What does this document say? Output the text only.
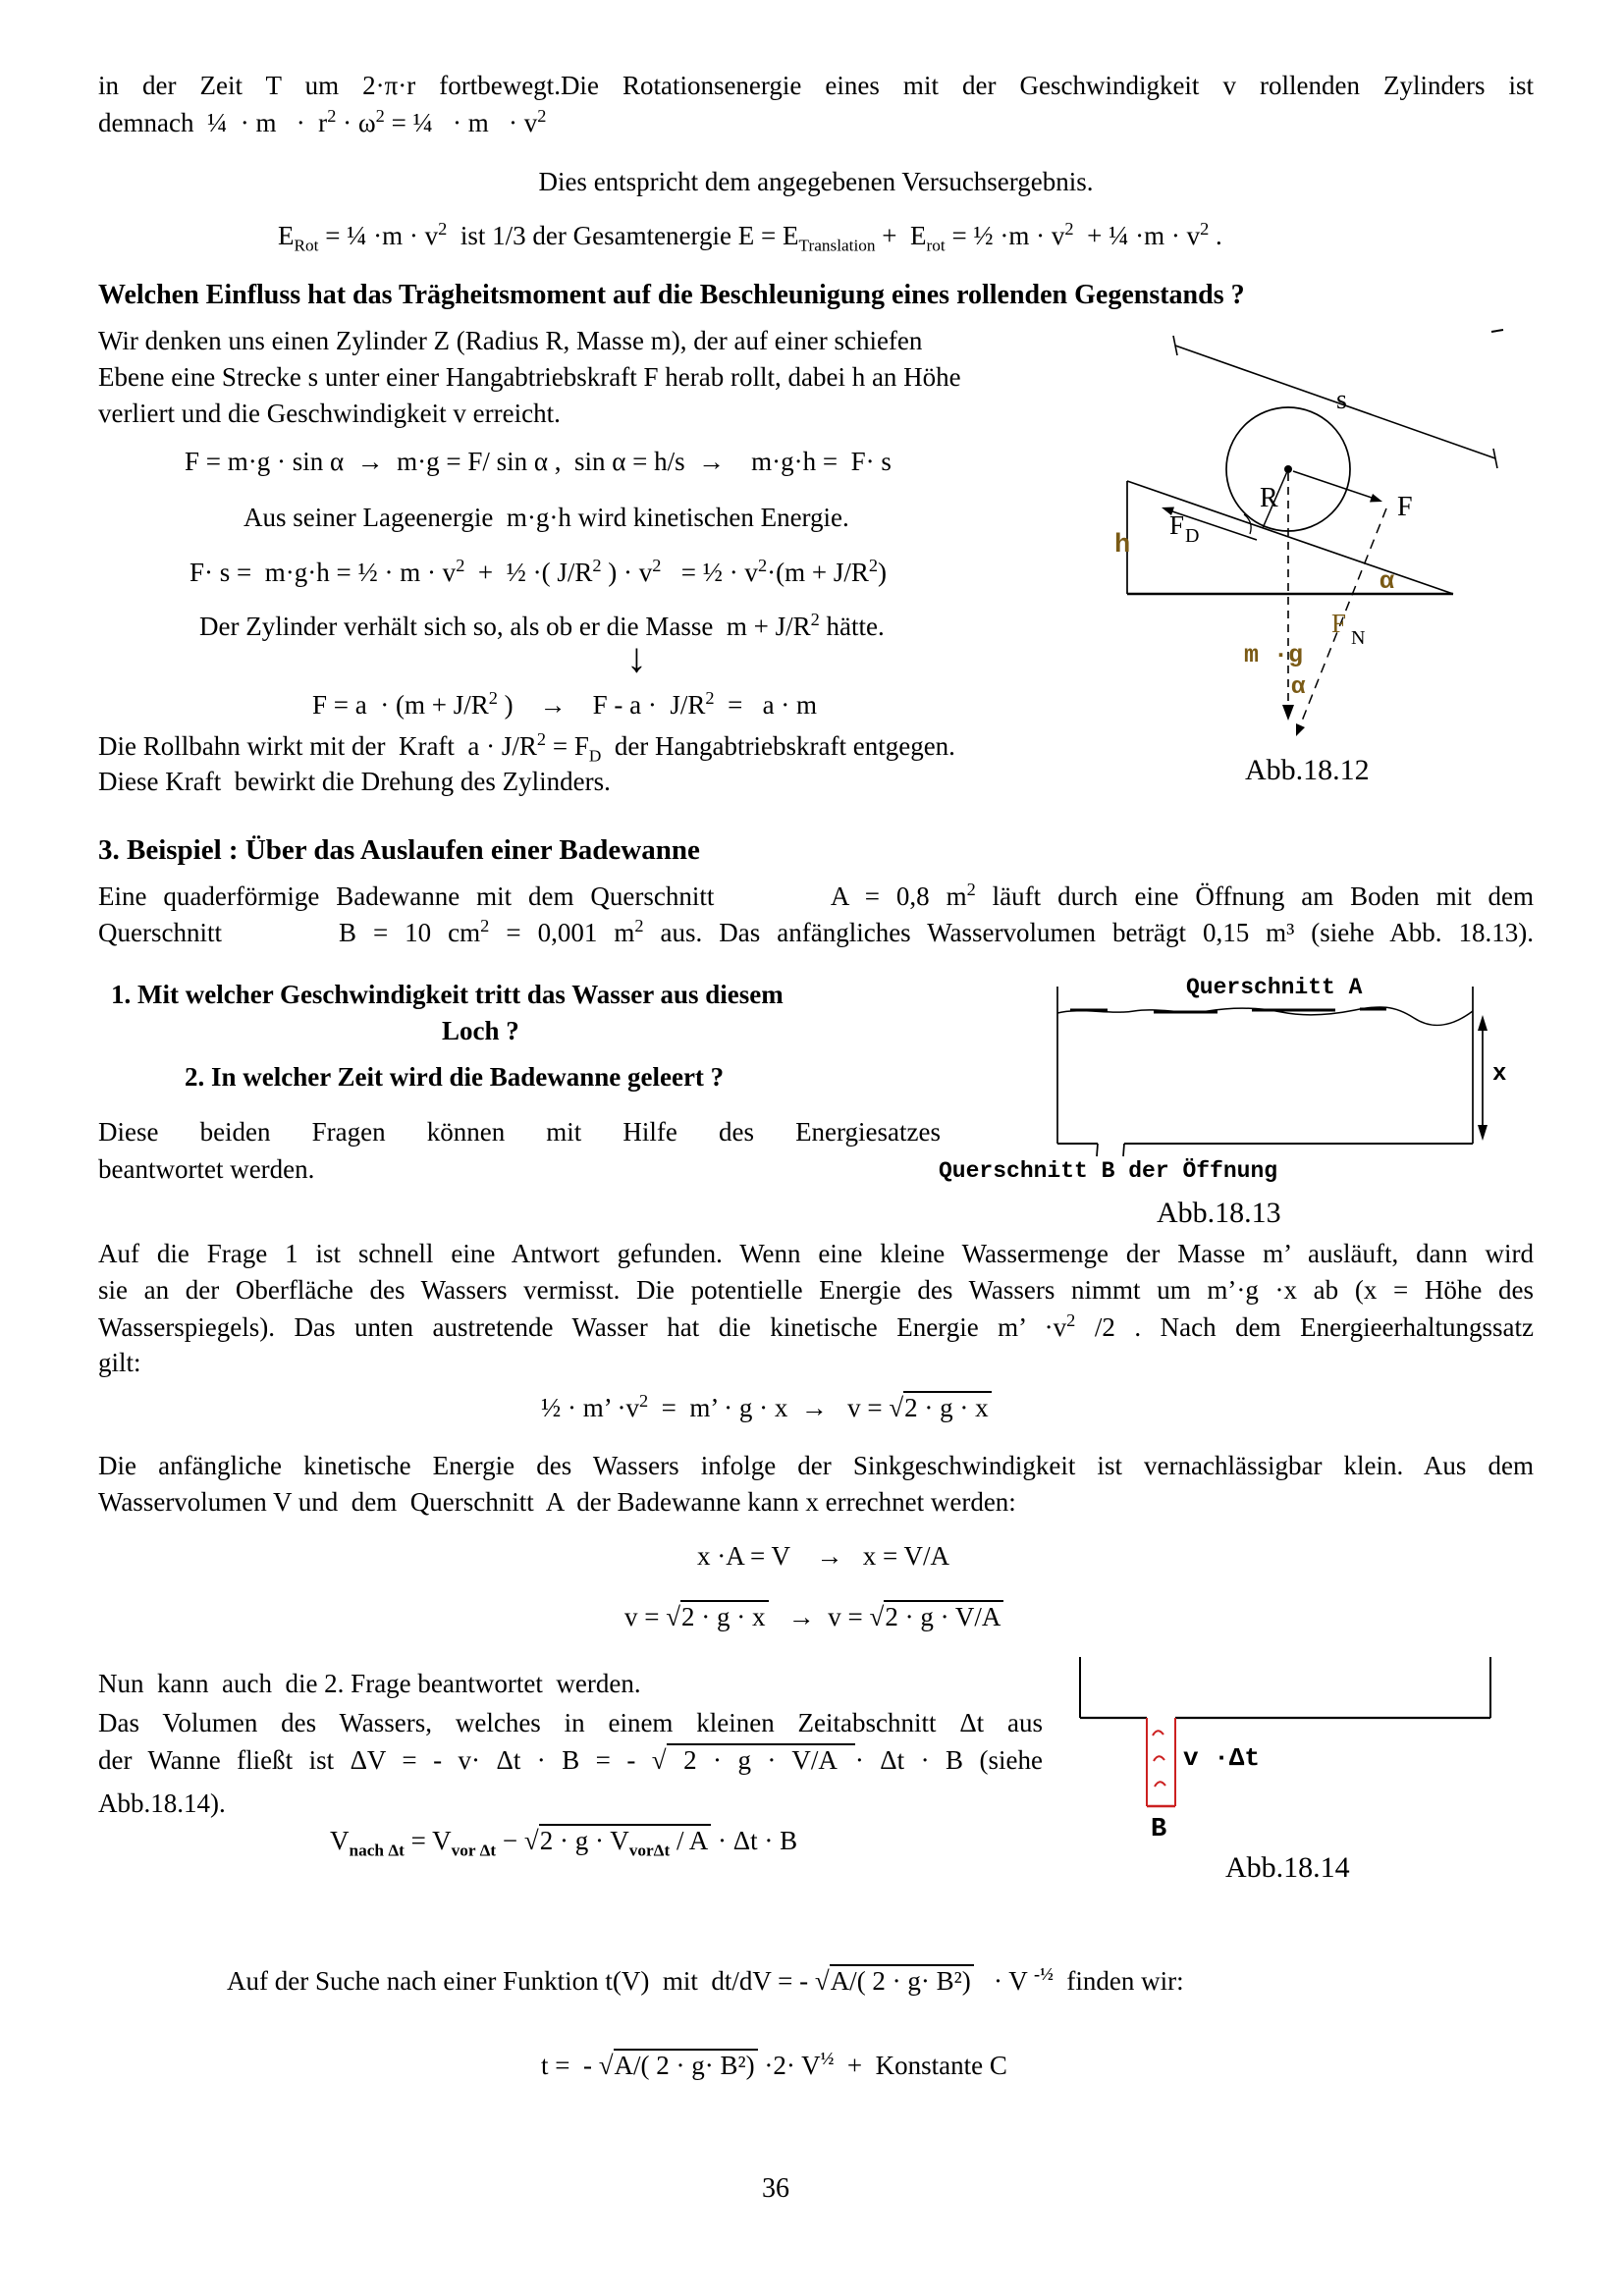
in der Zeit T um 2·π·r fortbewegt.Die Rotationsenergie eines mit der Geschwindigkeit v rollenden Zylinders ist
demnach  ¼  · $m \cdot r^2 \cdot \omega^2$ = ¼   · $m \cdot v^2$
Dies entspricht dem angegebenen Versuchsergebnis.
$E_{Rot}$ = ¼ $\cdot m \cdot v^2$  ist 1/3 der Gesamtenergie $E = E_{Translation} + E_{rot}$ = ½ $\cdot m \cdot v^2$  + ¼ $\cdot m \cdot v^2$ .
Welchen Einfluss hat das Trägheitsmoment auf die Beschleunigung eines rollenden Gegenstands ?
Wir denken uns einen Zylinder Z (Radius R, Masse m), der auf einer schiefen
Ebene eine Strecke s unter einer Hangabtriebskraft F herab rollt, dabei h an Höhe
verliert und die Geschwindigkeit v erreicht.
F = m·g · sin α  →  m·g = F/ sin α ,  sin α = h/s  →    m·g·h =  F· s
Aus seiner Lageenergie  m·g·h wird kinetischen Energie.
F· s =  m·g·h = ½ · $m \cdot v^2$  +  ½ ·( $J/R^2$ ) · $v^2$   = ½ · $v^2\cdot(m + J/R^2)$
Der Zylinder verhält sich so, als ob er die Masse  $m + J/R^2$ hätte.
↓
$F = a \cdot (m + J/R^2$ )    →    $F - a \cdot J/R^2 = a \cdot m$
Die Rollbahn wirkt mit der  Kraft  $a \cdot J/R^2 = F_D$  der Hangabtriebskraft entgegen.
Diese Kraft  bewirkt die Drehung des Zylinders.
s
R	F
F D
h
α
m ·g
α
F N
Abb.18.12
3. Beispiel : Über das Auslaufen einer Badewanne
Eine quaderförmige Badewanne mit dem Querschnitt       A = 0,8 $m^2$ läuft durch eine Öffnung am Boden mit dem
Querschnitt       B = 10 $cm^2 = 0,001$ $m^2$ aus. Das anfängliches Wasservolumen beträgt 0,15 m³ (siehe Abb. 18.13).
1. Mit welcher Geschwindigkeit tritt das Wasser aus diesem
Loch ?
2. In welcher Zeit wird die Badewanne geleert ?
Diese beiden Fragen können mit Hilfe des Energiesatzes
beantwortet werden.
Querschnitt A
x
Querschnitt B der Öffnung
Abb.18.13
Auf die Frage 1 ist schnell eine Antwort gefunden. Wenn eine kleine Wassermenge der Masse m’ ausläuft, dann wird
sie an der Oberfläche des Wassers vermisst. Die potentielle Energie des Wassers nimmt um m’·g ·x ab (x = Höhe des
Wasserspiegels). Das unten austretende Wasser hat die kinetische Energie m’ $\cdot v^2$ /2 . Nach dem Energieerhaltungssatz
gilt:
½ · m’ $\cdot v^2 = m$’ · g · x  →   v = √2 · g · x
Die anfängliche kinetische Energie des Wassers infolge der Sinkgeschwindigkeit ist vernachlässigbar klein. Aus dem
Wasservolumen V und  dem  Querschnitt  A  der Badewanne kann x errechnet werden:
x ·A = V    →   x = V/A
v = √2 · g · x   →  v = √2 · g · V/A
Nun  kann  auch  die 2. Frage beantwortet  werden.
Das Volumen des Wassers, welches in einem kleinen Zeitabschnitt Δt aus
der Wanne fließt ist ΔV = - v· Δt · B = - √ 2 · g · V/A · Δt · B (siehe
Abb.18.14).
$V_{nach \Delta t} = V_{vor \Delta t} - √2 \cdot g \cdot V_{vor\Delta t} / A \cdot \Delta t \cdot B$
v ·Δt
B
Abb.18.14
Auf der Suche nach einer Funktion t(V)  mit  dt/dV = - √A/( 2 · g· B²)   · V $^{-\frac{1}{2}}$  finden wir:
t =  - √A/( $2 \cdot g\cdot B^2) \cdot 2\cdot V^{\frac{1}{2}}$  +  Konstante C
36
